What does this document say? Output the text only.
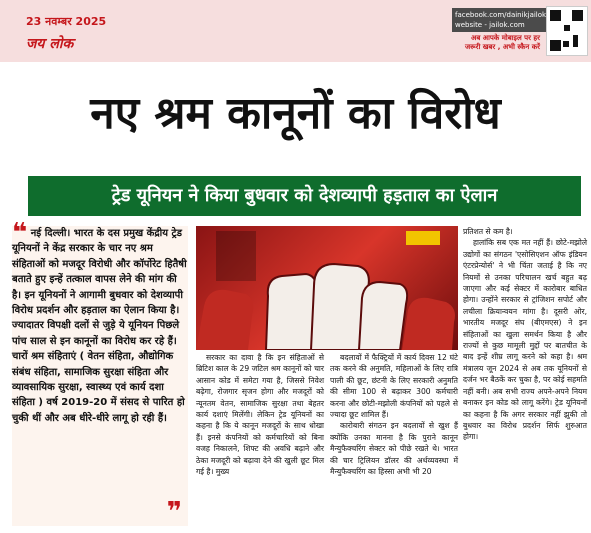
23 नवम्बर 2025
जय लोक
facebook.com/dainikjailok
website - jailok.com
अब आपके मोबाइल पर हर
जरूरी खबर , अभी स्कैन करें
नए श्रम कानूनों का विरोध
ट्रेड यूनियन ने किया बुधवार को देशव्यापी हड़ताल का ऐलान
❝ नई दिल्ली। भारत के दस प्रमुख केंद्रीय ट्रेड यूनियनों ने केंद्र सरकार के चार नए श्रम संहिताओं को मजदूर विरोधी और कॉर्पोरेट हितैषी बताते हुए इन्हें तत्काल वापस लेने की मांग की है। इन यूनियनों ने आगामी बुधवार को देशव्यापी विरोध प्रदर्शन और हड़ताल का ऐलान किया है। ज्यादातर विपक्षी दलों से जुड़े ये यूनियन पिछले पांच साल से इन कानूनों का विरोध कर रहे हैं। चारों श्रम संहिताएं ( वेतन संहिता, औद्योगिक संबंध संहिता, सामाजिक सुरक्षा संहिता और व्यावसायिक सुरक्षा, स्वास्थ्य एवं कार्य दशा संहिता ) वर्ष 2019-20 में संसद से पारित हो चुकी थीं और अब धीरे-धीरे लागू हो रही हैं।
❞

सरकार का दावा है कि इन संहिताओं से ब्रिटिश काल के 29 जटिल श्रम कानूनों को चार आसान कोड में समेटा गया है, जिससे निवेश बढ़ेगा, रोजगार सृजन होगा और मजदूरों को न्यूनतम वेतन, सामाजिक सुरक्षा तथा बेहतर कार्य दशाएं मिलेंगी। लेकिन ट्रेड यूनियनों का कहना है कि ये कानून मजदूरों के साथ धोखा हैं। इनसे कंपनियों को कर्मचारियों को बिना वजह निकालने, शिफ्ट की अवधि बढ़ाने और ठेका मजदूरी को बढ़ावा देने की खुली छूट मिल गई है। मुख्य

बदलावों में फैक्ट्रियों में कार्य दिवस 12 घंटे तक करने की अनुमति, महिलाओं के लिए रात्रि पाली की छूट, छंटनी के लिए सरकारी अनुमति की सीमा 100 से बढ़ाकर 300 कर्मचारी करना और छोटी-मझोली कंपनियों को पहले से ज्यादा छूट शामिल हैं।

कारोबारी संगठन इन बदलावों से खुश हैं क्योंकि उनका मानना है कि पुराने कानून मैन्युफैक्चरिंग सेक्टर को पीछे रखते थे। भारत की चार ट्रिलियन डॉलर की अर्थव्यवस्था में मैन्युफैक्चरिंग का हिस्सा अभी भी 20

प्रतिशत से कम है।

हालांकि सब एक मत नहीं हैं। छोटे-मझोले उद्योगों का संगठन 'एसोसिएशन ऑफ इंडियन एंटरप्रेन्योर्स' ने भी चिंता जताई है कि नए नियमों से उनका परिचालन खर्च बहुत बढ़ जाएगा और कई सेक्टर में कारोबार बाधित होगा। उन्होंने सरकार से ट्रांजिशन सपोर्ट और लचीला क्रियान्वयन मांगा है। दूसरी ओर, भारतीय मजदूर संघ (बीएमएस) ने इन संहिताओं का खुला समर्थन किया है और राज्यों से कुछ मामूली मुद्दों पर बातचीत के बाद इन्हें शीघ्र लागू करने को कहा है। श्रम मंत्रालय जून 2024 से अब तक यूनियनों से दर्जन भर बैठकें कर चुका है, पर कोई सहमति नहीं बनी। अब सभी राज्य अपने-अपने नियम बनाकर इन कोड को लागू करेंगे। ट्रेड यूनियनों का कहना है कि अगर सरकार नहीं झुकी तो बुधवार का विरोध प्रदर्शन सिर्फ शुरुआत होगा।
